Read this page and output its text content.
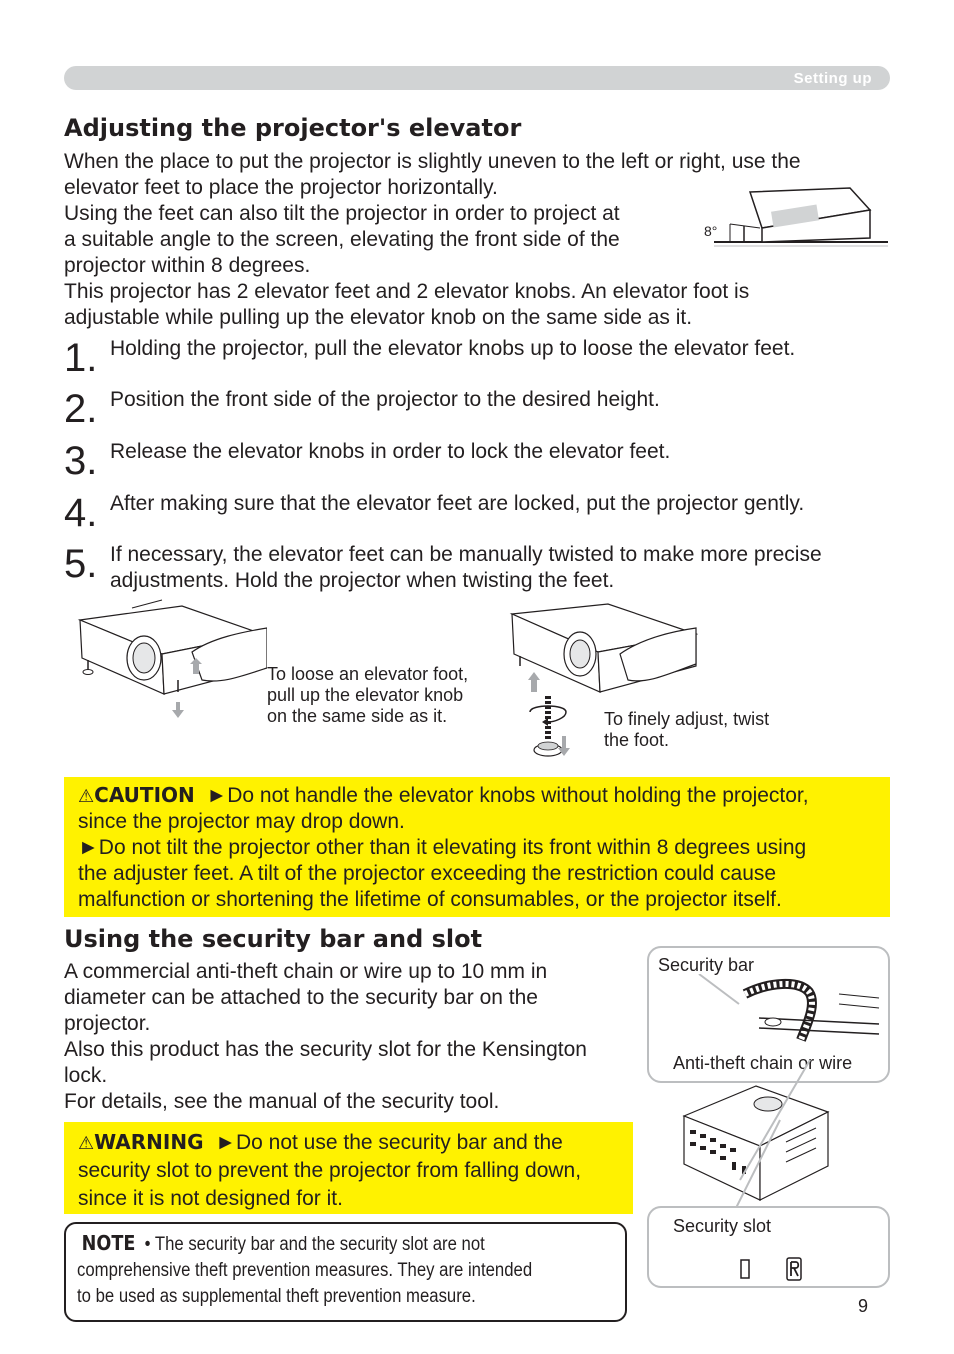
Setting up
Adjusting the projector's elevator
When the place to put the projector is slightly uneven to the left or right, use the
elevator feet to place the projector horizontally.
Using the feet can also tilt the projector in order to project at
a suitable angle to the screen, elevating the front side of the
projector within 8 degrees.
This projector has 2 elevator feet and 2 elevator knobs. An elevator foot is
adjustable while pulling up the elevator knob on the same side as it.
8°
1. Holding the projector, pull the elevator knobs up to loose the elevator feet.
2. Position the front side of the projector to the desired height.
3. Release the elevator knobs in order to lock the elevator feet.
4. After making sure that the elevator feet are locked, put the projector gently.
5. If necessary, the elevator feet can be manually twisted to make more precise
adjustments. Hold the projector when twisting the feet.
To loose an elevator foot,
pull up the elevator knob
on the same side as it.	To finely adjust, twist
the foot.
⚠CAUTION ►Do not handle the elevator knobs without holding the projector,
since the projector may drop down.
►Do not tilt the projector other than it elevating its front within 8 degrees using
the adjuster feet. A tilt of the projector exceeding the restriction could cause
malfunction or shortening the lifetime of consumables, or the projector itself.
Using the security bar and slot
A commercial anti-theft chain or wire up to 10 mm in
diameter can be attached to the security bar on the
projector.
Also this product has the security slot for the Kensington
lock.
For details, see the manual of the security tool.
⚠WARNING ►Do not use the security bar and the
security slot to prevent the projector from falling down,
since it is not designed for it.
NOTE • The security bar and the security slot are not
comprehensive theft prevention measures. They are intended
to be used as supplemental theft prevention measure.
Security bar
Anti-theft chain or wire
Security slot
9
